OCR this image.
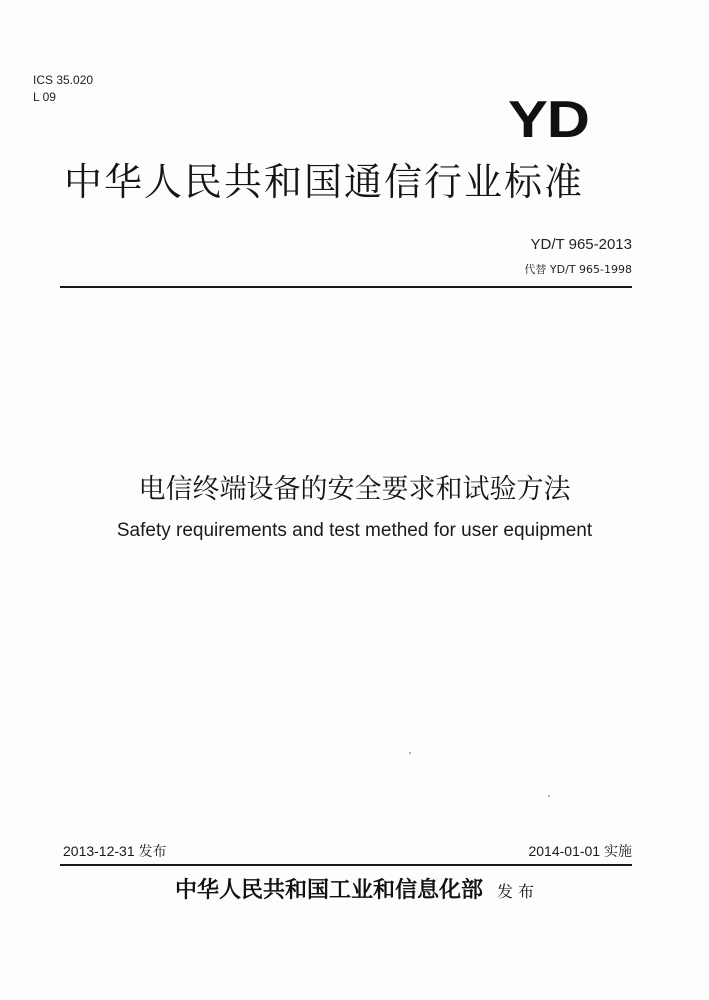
ICS 35.020
L 09	YD
中华人民共和国通信行业标准
YD/T 965-2013
代替 YD/T 965-1998
电信终端设备的安全要求和试验方法
Safety requirements and test methed for user equipment
2013-12-31 发布	2014-01-01 实施
中华人民共和国工业和信息化部 发 布
